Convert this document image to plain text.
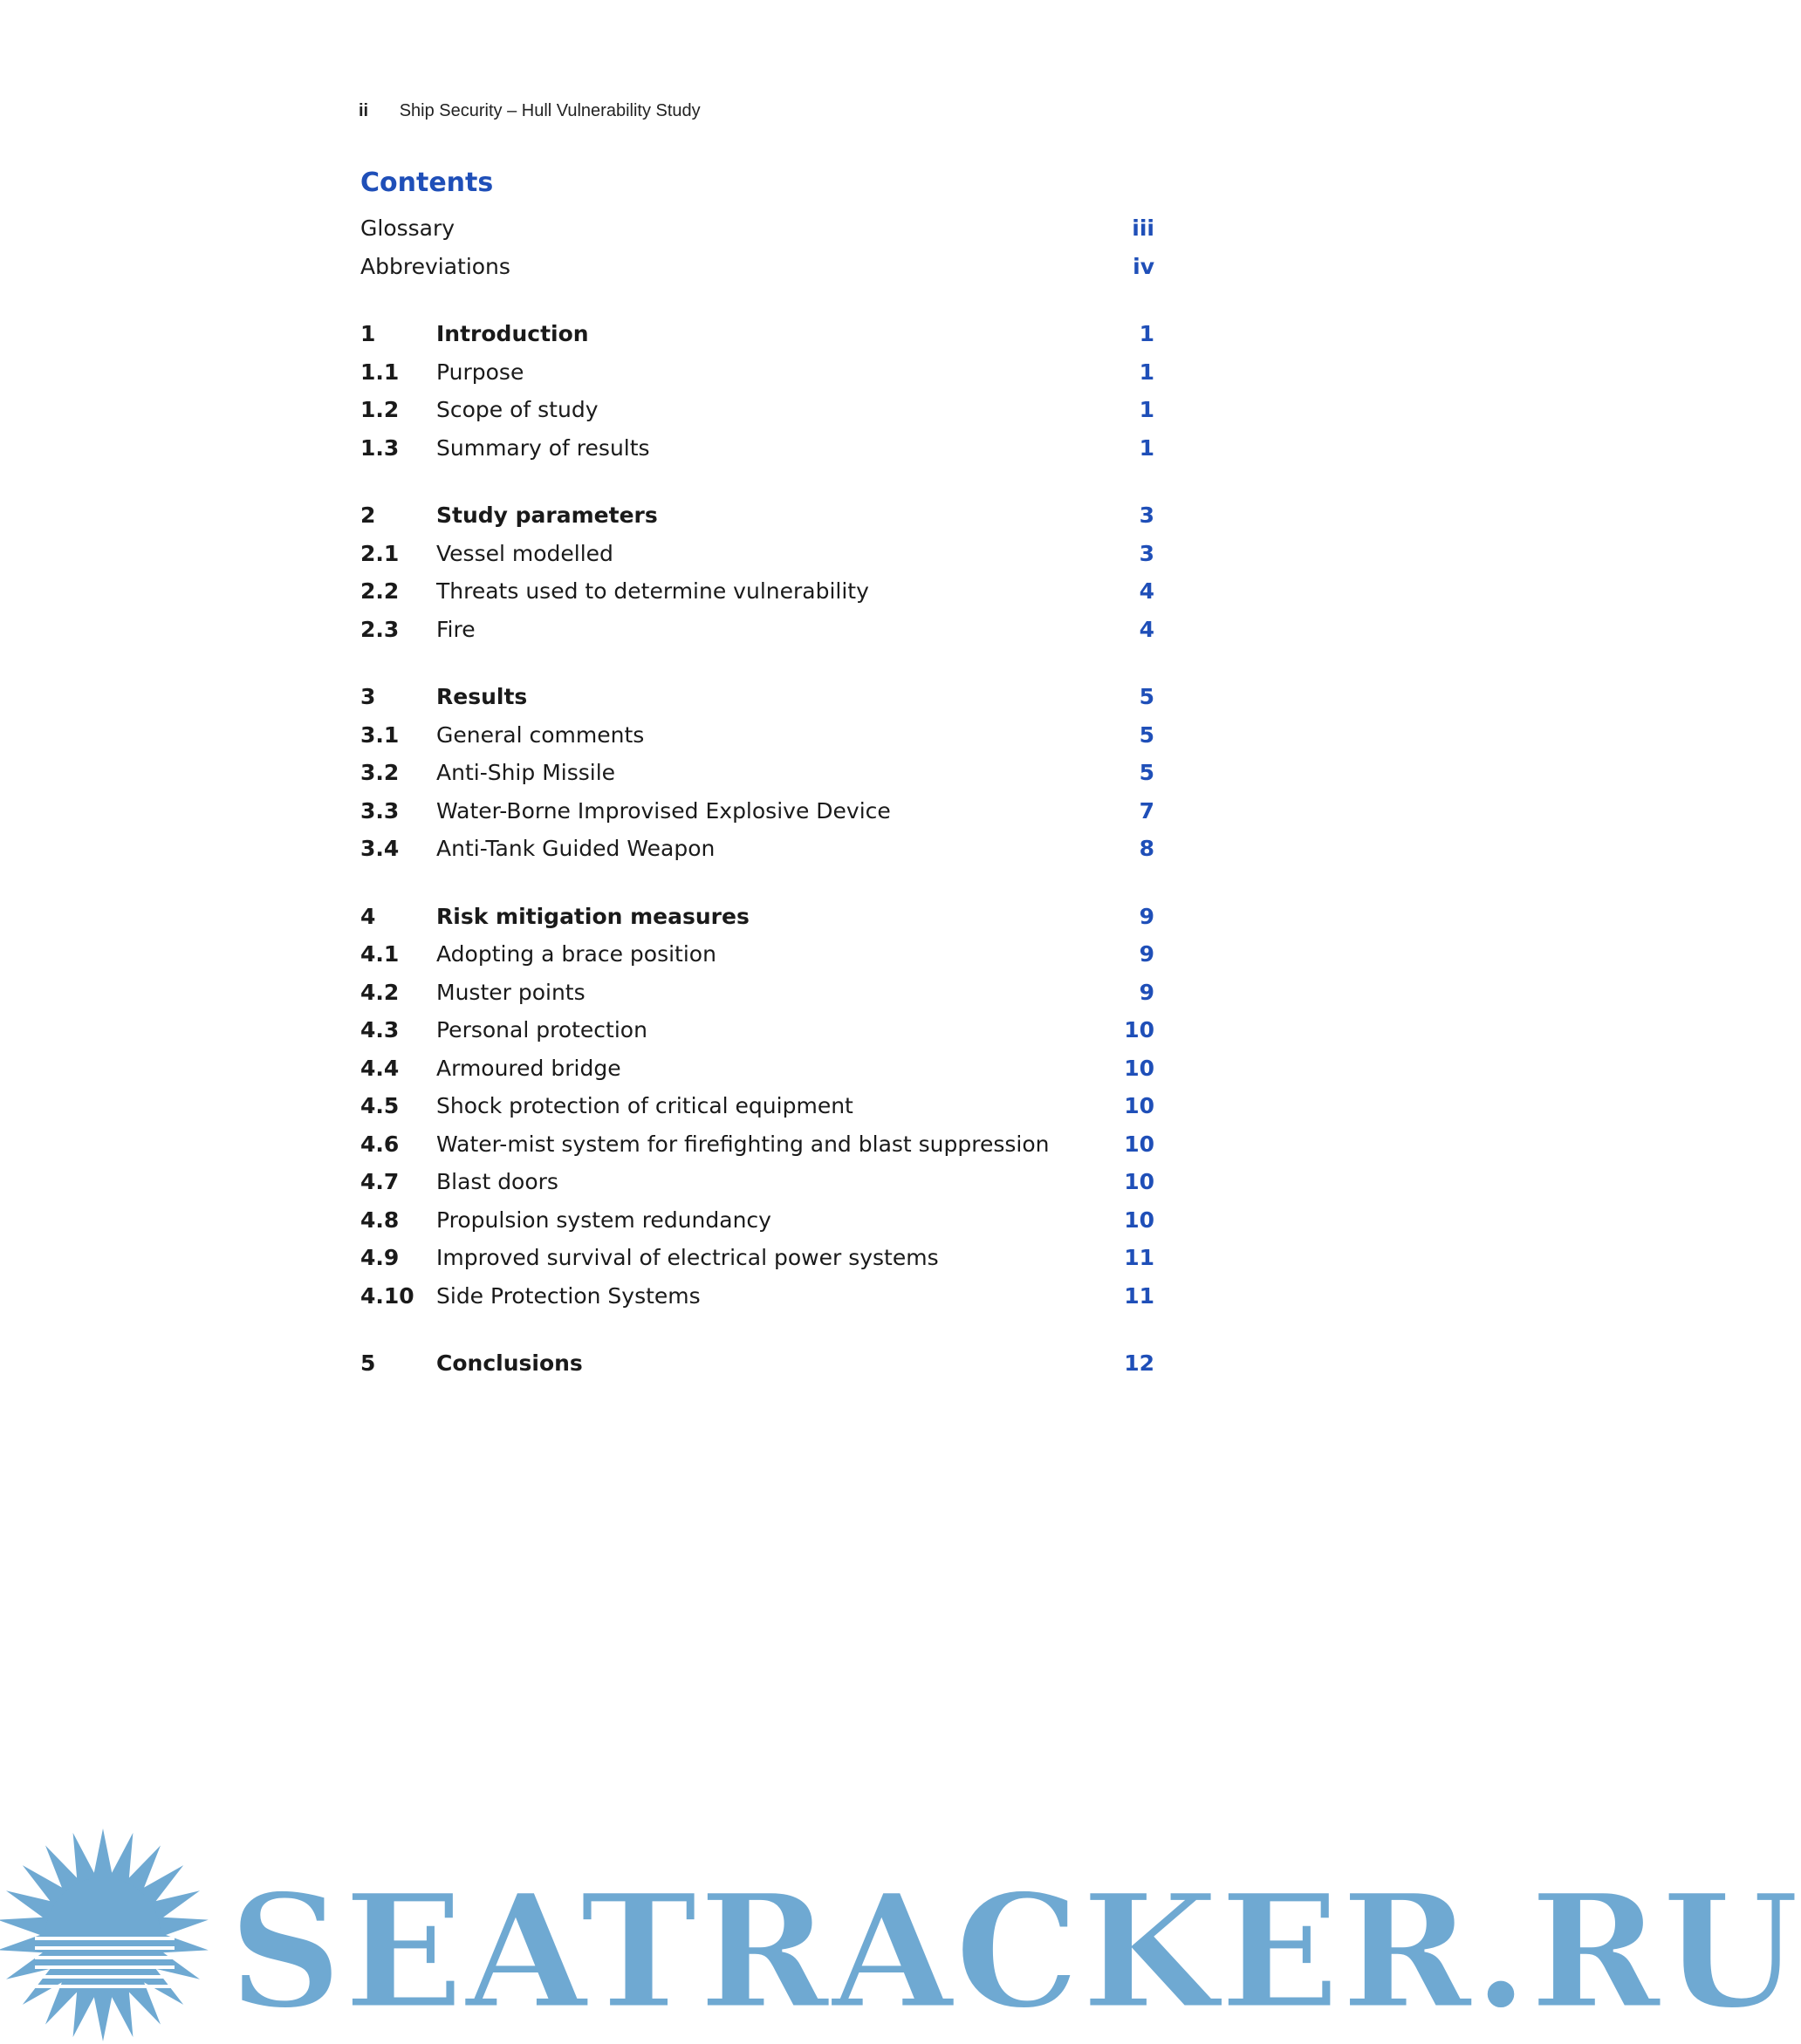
ii Ship Security – Hull Vulnerability Study
Contents
Glossary	iii
Abbreviations	iv
1	Introduction	1
1.1 Purpose	1
1.2 Scope of study	1
1.3 Summary of results	1
2	Study parameters	3
2.1 Vessel modelled	3
2.2 Threats used to determine vulnerability	4
2.3 Fire	4
3	Results	5
3.1 General comments	5
3.2 Anti-Ship Missile	5
3.3 Water-Borne Improvised Explosive Device	7
3.4 Anti-Tank Guided Weapon	8
4	Risk mitigation measures	9
4.1 Adopting a brace position	9
4.2 Muster points	9
4.3 Personal protection	10
4.4 Armoured bridge	10
4.5 Shock protection of critical equipment	10
4.6 Water-mist system for firefighting and blast suppression	10
4.7 Blast doors	10
4.8 Propulsion system redundancy	10
4.9 Improved survival of electrical power systems	11
4.10 Side Protection Systems	11
5	Conclusions	12
SEATRACKER.RU
